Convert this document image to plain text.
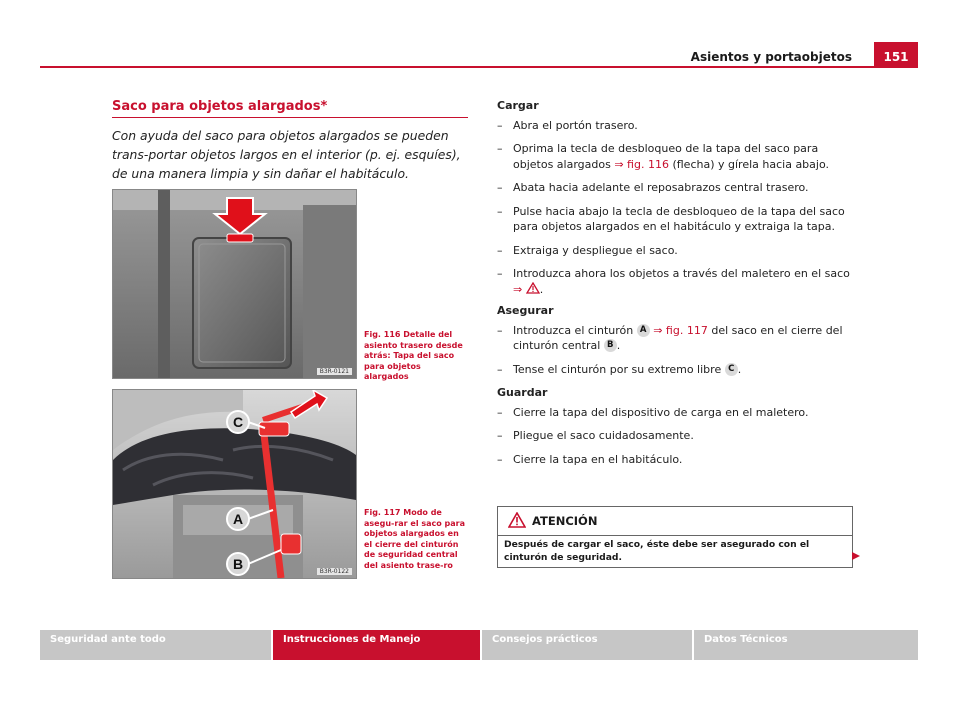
Asientos y portaobjetos	151
Saco para objetos alargados*
Con ayuda del saco para objetos alargados se pueden trans-portar objetos largos en el interior (p. ej. esquíes), de una manera limpia y sin dañar el habitáculo.
B3R-0121
Fig. 116 Detalle del asiento trasero desde atrás: Tapa del saco para objetos alargados
C
A
B	B3R-0122
Fig. 117 Modo de asegu-rar el saco para objetos alargados en el cierre del cinturón de seguridad central del asiento trase-ro

Cargar

– Abra el portón trasero.

– Oprima la tecla de desbloqueo de la tapa del saco para objetos alargados ⇒ fig. 116 (flecha) y gírela hacia abajo.

– Abata hacia adelante el reposabrazos central trasero.

– Pulse hacia abajo la tecla de desbloqueo de la tapa del saco para objetos alargados en el habitáculo y extraiga la tapa.

– Extraiga y despliegue el saco.

– Introduzca ahora los objetos a través del maletero en el saco ⇒ .

Asegurar

– Introduzca el cinturón A ⇒ fig. 117 del saco en el cierre del cinturón central B .

– Tense el cinturón por su extremo libre C .

Guardar

– Cierre la tapa del dispositivo de carga en el maletero.

– Pliegue el saco cuidadosamente.

– Cierre la tapa en el habitáculo.

ATENCIÓN
Después de cargar el saco, éste debe ser asegurado con el cinturón de seguridad.
Seguridad ante todo	Instrucciones de Manejo	Consejos prácticos	Datos Técnicos
